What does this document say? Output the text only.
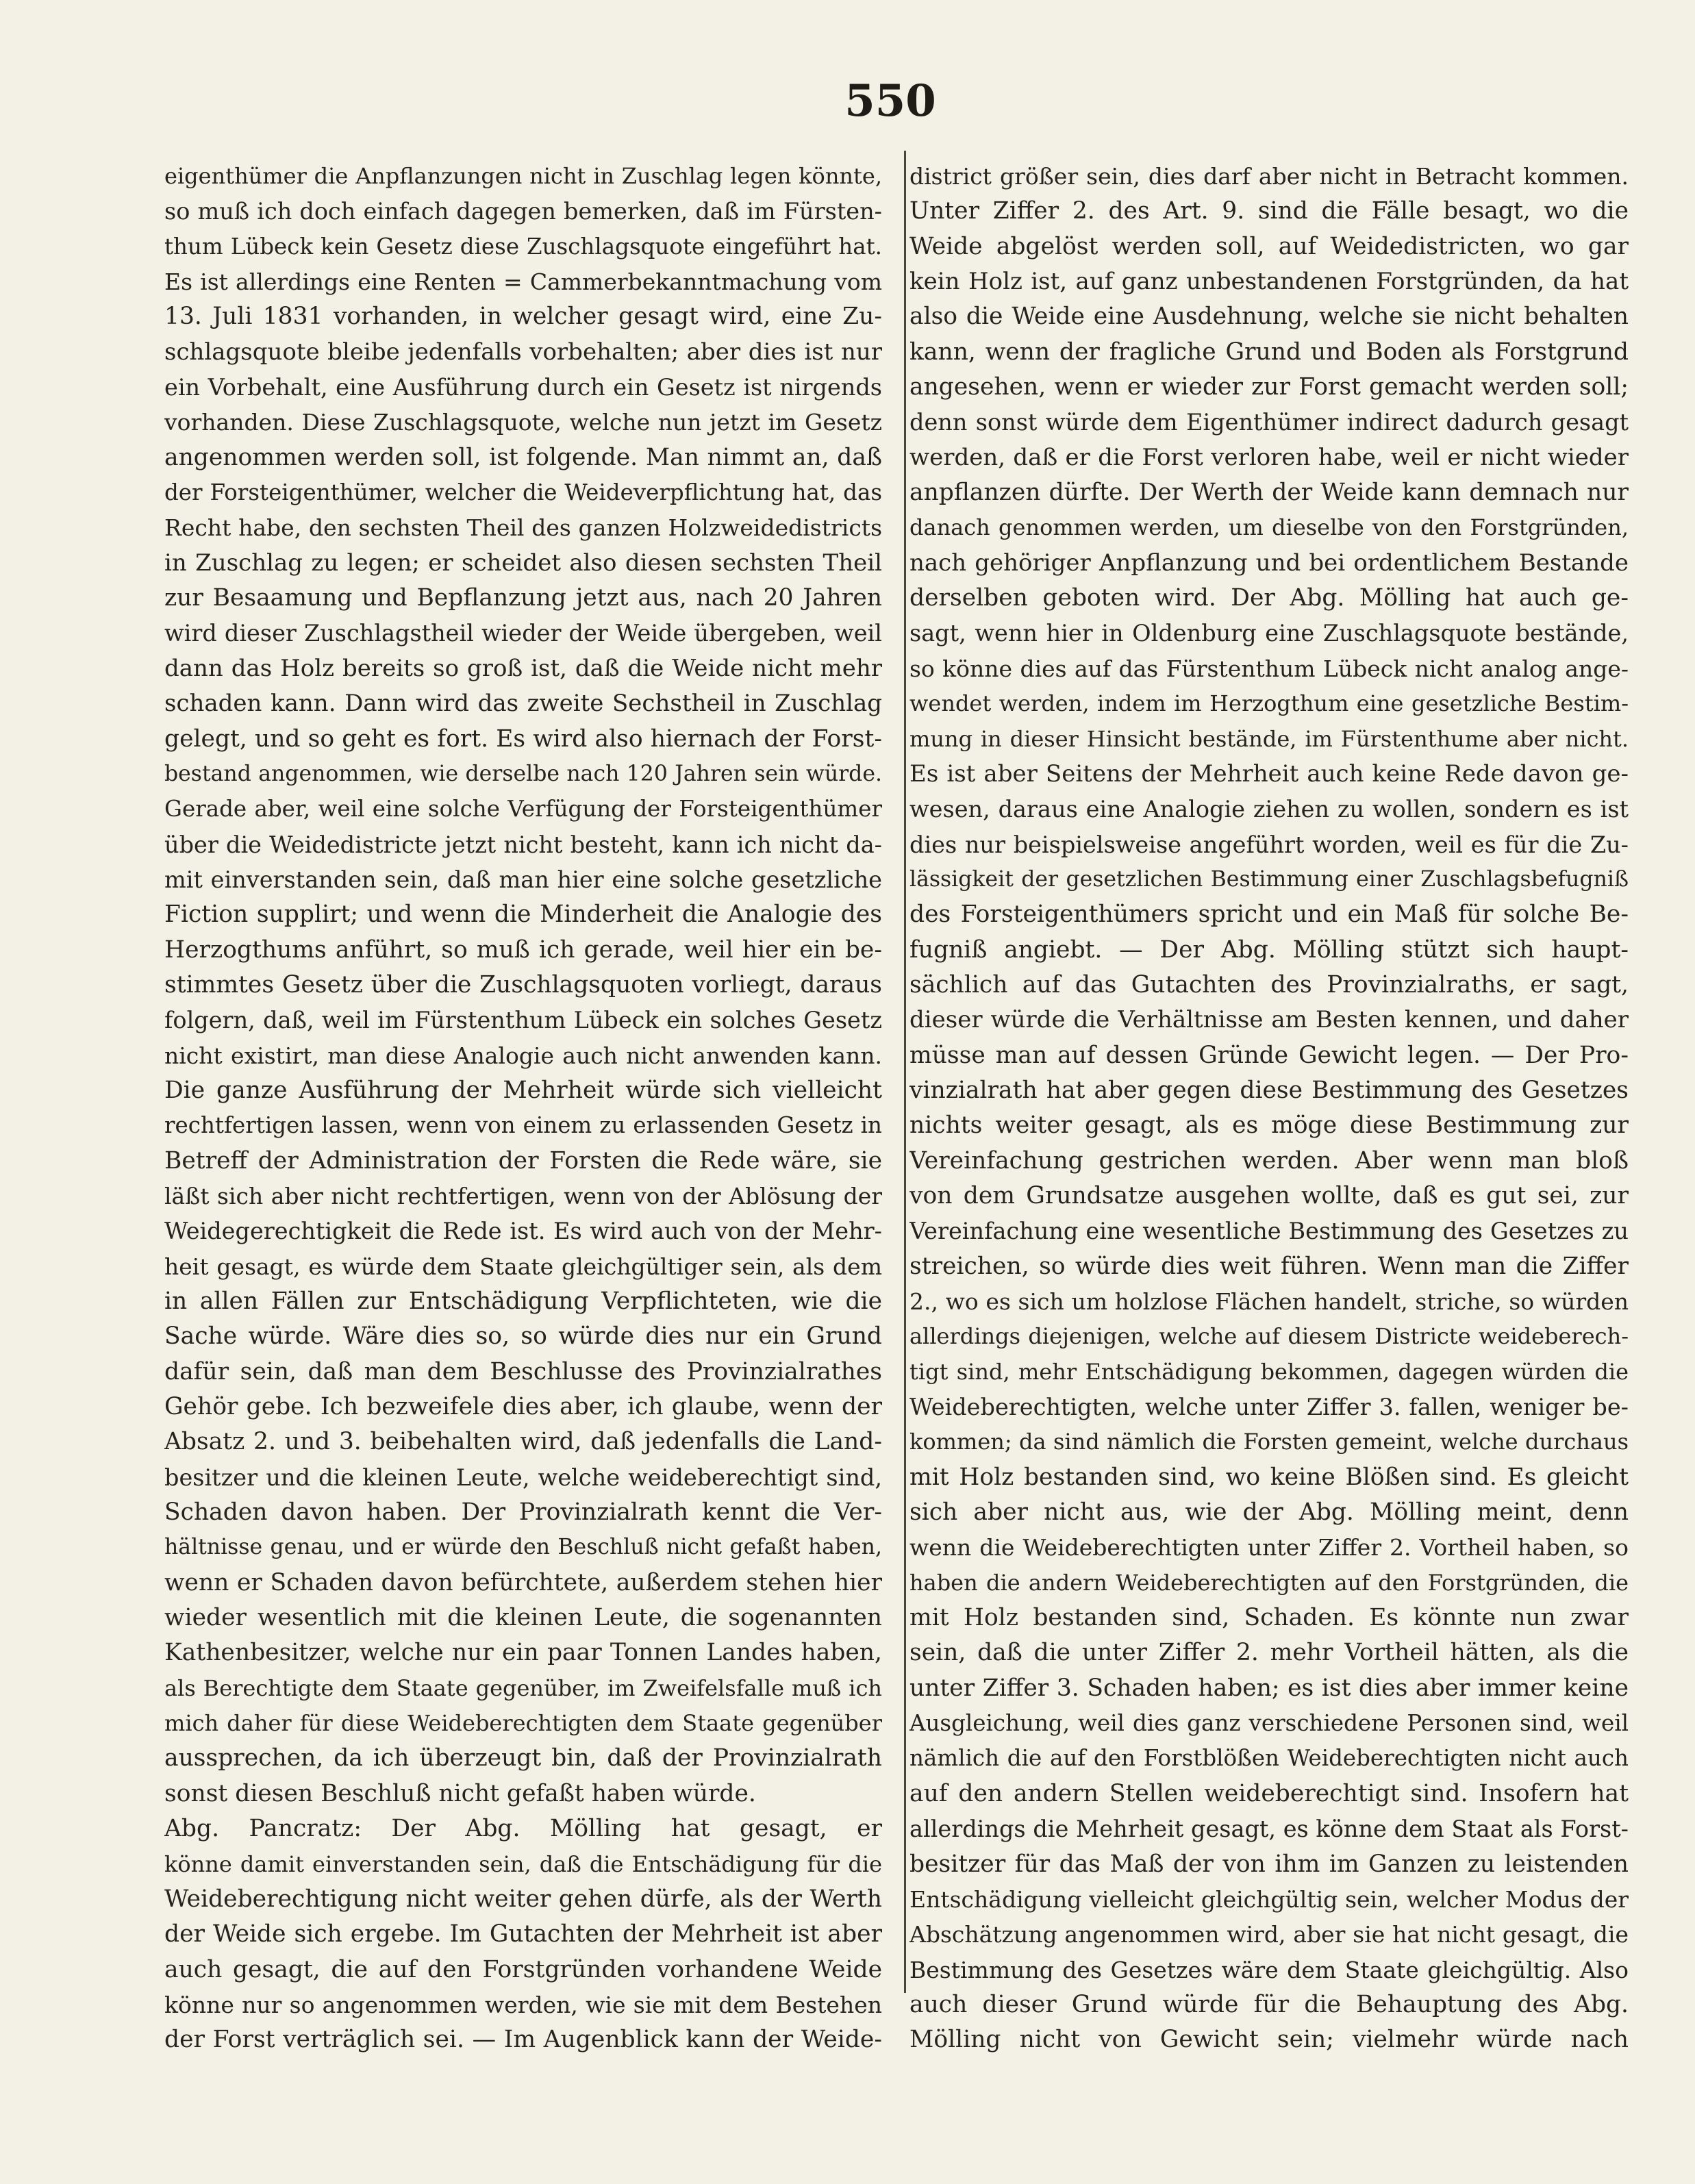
550
eigenthümer die Anpflanzungen nicht in Zuschlag legen könnte,
so muß ich doch einfach dagegen bemerken, daß im Fürsten-
thum Lübeck kein Gesetz diese Zuschlagsquote eingeführt hat.
Es ist allerdings eine Renten = Cammerbekanntmachung vom
13. Juli 1831 vorhanden, in welcher gesagt wird, eine Zu-
schlagsquote bleibe jedenfalls vorbehalten; aber dies ist nur
ein Vorbehalt, eine Ausführung durch ein Gesetz ist nirgends
vorhanden. Diese Zuschlagsquote, welche nun jetzt im Gesetz
angenommen werden soll, ist folgende. Man nimmt an, daß
der Forsteigenthümer, welcher die Weideverpflichtung hat, das
Recht habe, den sechsten Theil des ganzen Holzweidedistricts
in Zuschlag zu legen; er scheidet also diesen sechsten Theil
zur Besaamung und Bepflanzung jetzt aus, nach 20 Jahren
wird dieser Zuschlagstheil wieder der Weide übergeben, weil
dann das Holz bereits so groß ist, daß die Weide nicht mehr
schaden kann. Dann wird das zweite Sechstheil in Zuschlag
gelegt, und so geht es fort. Es wird also hiernach der Forst-
bestand angenommen, wie derselbe nach 120 Jahren sein würde.
Gerade aber, weil eine solche Verfügung der Forsteigenthümer
über die Weidedistricte jetzt nicht besteht, kann ich nicht da-
mit einverstanden sein, daß man hier eine solche gesetzliche
Fiction supplirt; und wenn die Minderheit die Analogie des
Herzogthums anführt, so muß ich gerade, weil hier ein be-
stimmtes Gesetz über die Zuschlagsquoten vorliegt, daraus
folgern, daß, weil im Fürstenthum Lübeck ein solches Gesetz
nicht existirt, man diese Analogie auch nicht anwenden kann.
Die ganze Ausführung der Mehrheit würde sich vielleicht
rechtfertigen lassen, wenn von einem zu erlassenden Gesetz in
Betreff der Administration der Forsten die Rede wäre, sie
läßt sich aber nicht rechtfertigen, wenn von der Ablösung der
Weidegerechtigkeit die Rede ist. Es wird auch von der Mehr-
heit gesagt, es würde dem Staate gleichgültiger sein, als dem
in allen Fällen zur Entschädigung Verpflichteten, wie die
Sache würde. Wäre dies so, so würde dies nur ein Grund
dafür sein, daß man dem Beschlusse des Provinzialrathes
Gehör gebe. Ich bezweifele dies aber, ich glaube, wenn der
Absatz 2. und 3. beibehalten wird, daß jedenfalls die Land-
besitzer und die kleinen Leute, welche weideberechtigt sind,
Schaden davon haben. Der Provinzialrath kennt die Ver-
hältnisse genau, und er würde den Beschluß nicht gefaßt haben,
wenn er Schaden davon befürchtete, außerdem stehen hier
wieder wesentlich mit die kleinen Leute, die sogenannten
Kathenbesitzer, welche nur ein paar Tonnen Landes haben,
als Berechtigte dem Staate gegenüber, im Zweifelsfalle muß ich
mich daher für diese Weideberechtigten dem Staate gegenüber
aussprechen, da ich überzeugt bin, daß der Provinzialrath
sonst diesen Beschluß nicht gefaßt haben würde.
Abg. Pancratz: Der Abg. Mölling hat gesagt, er
könne damit einverstanden sein, daß die Entschädigung für die
Weideberechtigung nicht weiter gehen dürfe, als der Werth
der Weide sich ergebe. Im Gutachten der Mehrheit ist aber
auch gesagt, die auf den Forstgründen vorhandene Weide
könne nur so angenommen werden, wie sie mit dem Bestehen
der Forst verträglich sei. — Im Augenblick kann der Weide-
district größer sein, dies darf aber nicht in Betracht kommen.
Unter Ziffer 2. des Art. 9. sind die Fälle besagt, wo die
Weide abgelöst werden soll, auf Weidedistricten, wo gar
kein Holz ist, auf ganz unbestandenen Forstgründen, da hat
also die Weide eine Ausdehnung, welche sie nicht behalten
kann, wenn der fragliche Grund und Boden als Forstgrund
angesehen, wenn er wieder zur Forst gemacht werden soll;
denn sonst würde dem Eigenthümer indirect dadurch gesagt
werden, daß er die Forst verloren habe, weil er nicht wieder
anpflanzen dürfte. Der Werth der Weide kann demnach nur
danach genommen werden, um dieselbe von den Forstgründen,
nach gehöriger Anpflanzung und bei ordentlichem Bestande
derselben geboten wird. Der Abg. Mölling hat auch ge-
sagt, wenn hier in Oldenburg eine Zuschlagsquote bestände,
so könne dies auf das Fürstenthum Lübeck nicht analog ange-
wendet werden, indem im Herzogthum eine gesetzliche Bestim-
mung in dieser Hinsicht bestände, im Fürstenthume aber nicht.
Es ist aber Seitens der Mehrheit auch keine Rede davon ge-
wesen, daraus eine Analogie ziehen zu wollen, sondern es ist
dies nur beispielsweise angeführt worden, weil es für die Zu-
lässigkeit der gesetzlichen Bestimmung einer Zuschlagsbefugniß
des Forsteigenthümers spricht und ein Maß für solche Be-
fugniß angiebt. — Der Abg. Mölling stützt sich haupt-
sächlich auf das Gutachten des Provinzialraths, er sagt,
dieser würde die Verhältnisse am Besten kennen, und daher
müsse man auf dessen Gründe Gewicht legen. — Der Pro-
vinzialrath hat aber gegen diese Bestimmung des Gesetzes
nichts weiter gesagt, als es möge diese Bestimmung zur
Vereinfachung gestrichen werden. Aber wenn man bloß
von dem Grundsatze ausgehen wollte, daß es gut sei, zur
Vereinfachung eine wesentliche Bestimmung des Gesetzes zu
streichen, so würde dies weit führen. Wenn man die Ziffer
2., wo es sich um holzlose Flächen handelt, striche, so würden
allerdings diejenigen, welche auf diesem Districte weideberech-
tigt sind, mehr Entschädigung bekommen, dagegen würden die
Weideberechtigten, welche unter Ziffer 3. fallen, weniger be-
kommen; da sind nämlich die Forsten gemeint, welche durchaus
mit Holz bestanden sind, wo keine Blößen sind. Es gleicht
sich aber nicht aus, wie der Abg. Mölling meint, denn
wenn die Weideberechtigten unter Ziffer 2. Vortheil haben, so
haben die andern Weideberechtigten auf den Forstgründen, die
mit Holz bestanden sind, Schaden. Es könnte nun zwar
sein, daß die unter Ziffer 2. mehr Vortheil hätten, als die
unter Ziffer 3. Schaden haben; es ist dies aber immer keine
Ausgleichung, weil dies ganz verschiedene Personen sind, weil
nämlich die auf den Forstblößen Weideberechtigten nicht auch
auf den andern Stellen weideberechtigt sind. Insofern hat
allerdings die Mehrheit gesagt, es könne dem Staat als Forst-
besitzer für das Maß der von ihm im Ganzen zu leistenden
Entschädigung vielleicht gleichgültig sein, welcher Modus der
Abschätzung angenommen wird, aber sie hat nicht gesagt, die
Bestimmung des Gesetzes wäre dem Staate gleichgültig. Also
auch dieser Grund würde für die Behauptung des Abg.
Mölling nicht von Gewicht sein; vielmehr würde nach
